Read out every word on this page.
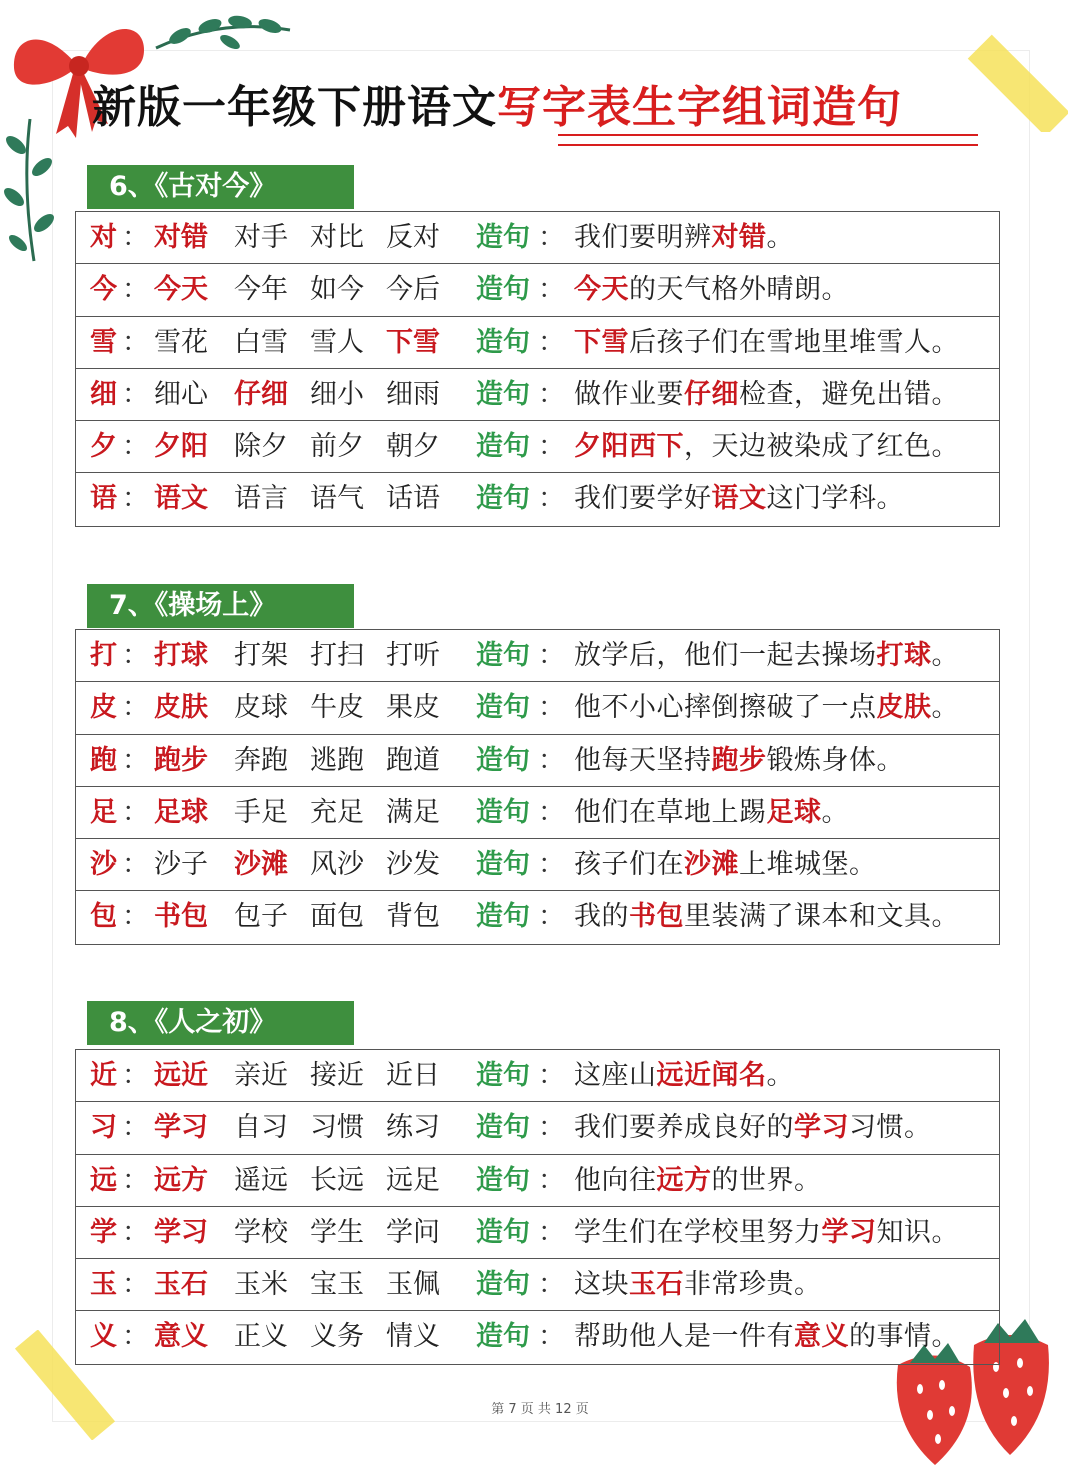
新版一年级下册语文写字表生字组词造句
6、《古对今》
对 ： 对错 对手 对比 反对 造句 ： 我们要明辨对错。
今 ： 今天 今年 如今 今后 造句 ： 今天的天气格外晴朗。
雪 ： 雪花 白雪 雪人 下雪 造句 ： 下雪后孩子们在雪地里堆雪人。
细 ： 细心 仔细 细小 细雨 造句 ： 做作业要仔细检查，避免出错。
夕 ： 夕阳 除夕 前夕 朝夕 造句 ： 夕阳西下，天边被染成了红色。
语 ： 语文 语言 语气 话语 造句 ： 我们要学好语文这门学科。
7、《操场上》
打 ： 打球 打架 打扫 打听 造句 ： 放学后，他们一起去操场打球。
皮 ： 皮肤 皮球 牛皮 果皮 造句 ： 他不小心摔倒擦破了一点皮肤。
跑 ： 跑步 奔跑 逃跑 跑道 造句 ： 他每天坚持跑步锻炼身体。
足 ： 足球 手足 充足 满足 造句 ： 他们在草地上踢足球。
沙 ： 沙子 沙滩 风沙 沙发 造句 ： 孩子们在沙滩上堆城堡。
包 ： 书包 包子 面包 背包 造句 ： 我的书包里装满了课本和文具。
8、《人之初》
近 ： 远近 亲近 接近 近日 造句 ： 这座山远近闻名。
习 ： 学习 自习 习惯 练习 造句 ： 我们要养成良好的学习习惯。
远 ： 远方 遥远 长远 远足 造句 ： 他向往远方的世界。
学 ： 学习 学校 学生 学问 造句 ： 学生们在学校里努力学习知识。
玉 ： 玉石 玉米 宝玉 玉佩 造句 ： 这块玉石非常珍贵。
义 ： 意义 正义 义务 情义 造句 ： 帮助他人是一件有意义的事情。
第 7 页 共 12 页
